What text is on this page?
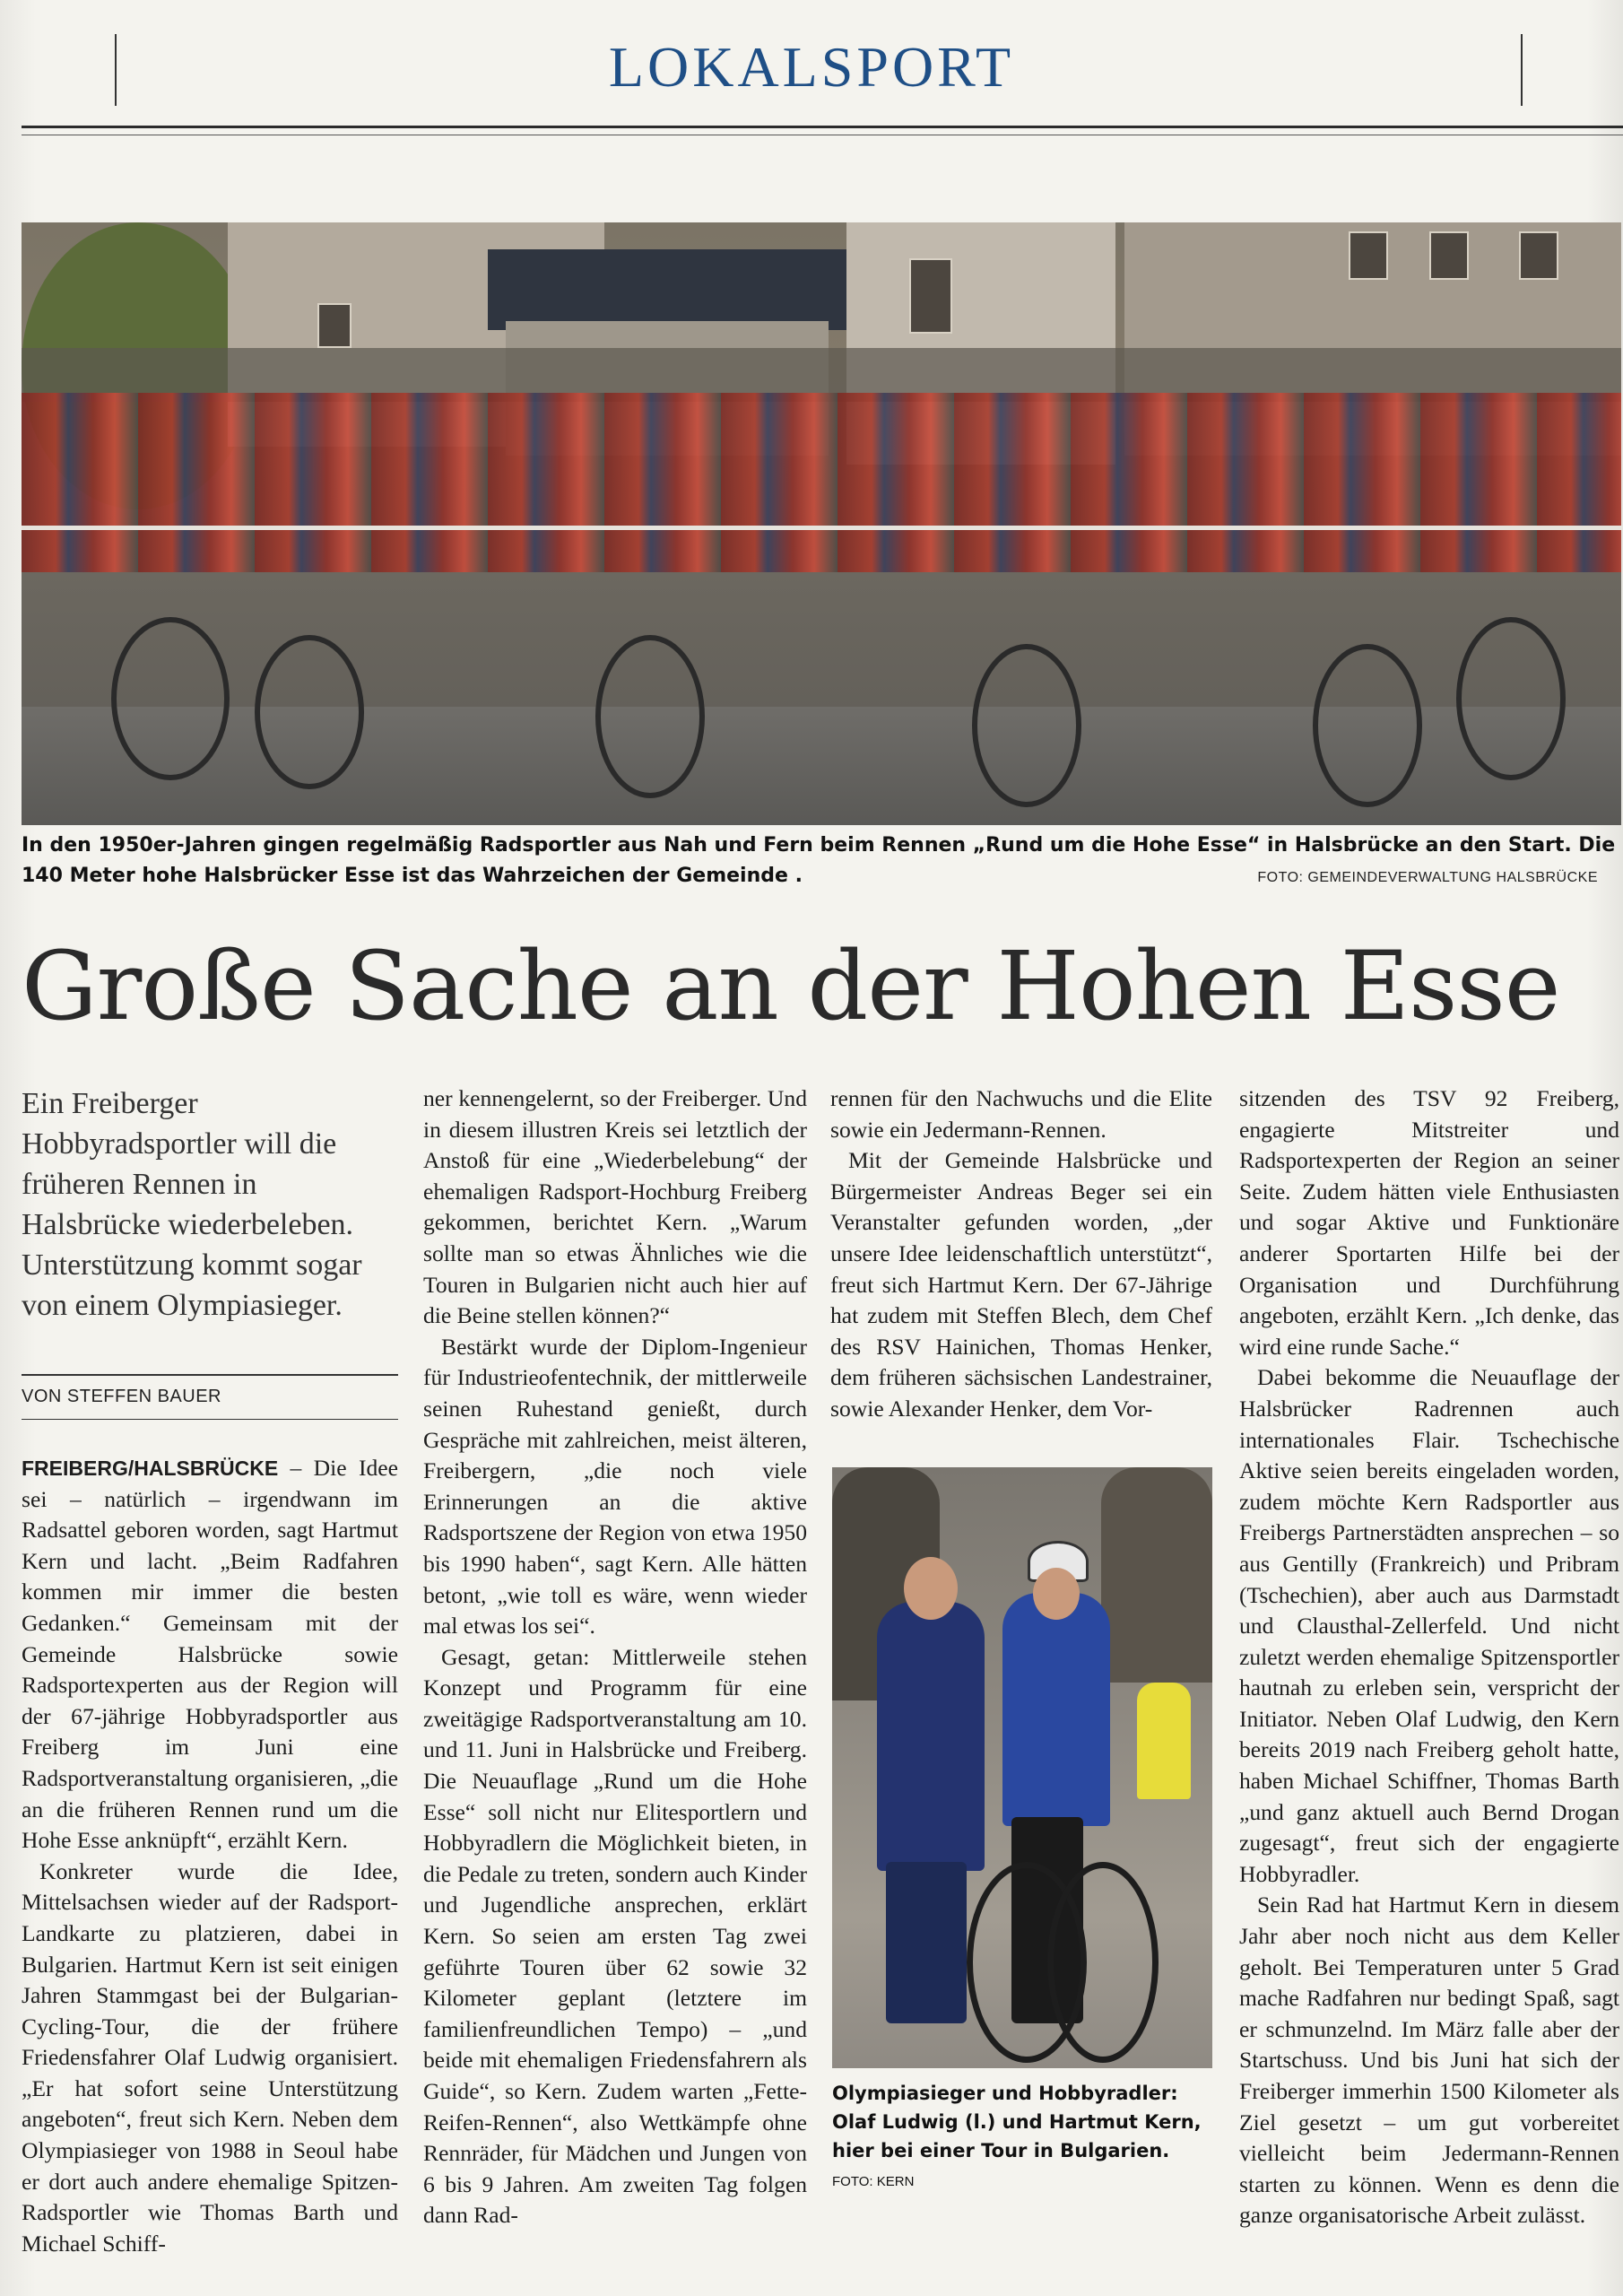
LOKALSPORT
In den 1950er-Jahren gingen regelmäßig Radsportler aus Nah und Fern beim Rennen „Rund um die Hohe Esse“ in Halsbrücke an den Start. Die 140 Meter hohe Halsbrücker Esse ist das Wahrzeichen der Gemeinde .	FOTO: GEMEINDEVERWALTUNG HALSBRÜCKE
Große Sache an der Hohen Esse
Ein Freiberger Hobbyradsportler will die früheren Rennen in Halsbrücke wiederbeleben. Unterstützung kommt sogar von einem Olympiasieger.
VON STEFFEN BAUER

FREIBERG/HALSBRÜCKE – Die Idee sei – natürlich – irgendwann im Radsattel geboren worden, sagt Hartmut Kern und lacht. „Beim Radfahren kommen mir immer die besten Gedanken.“ Gemeinsam mit der Gemeinde Halsbrücke sowie Radsportexperten aus der Region will der 67-jährige Hobbyradsportler aus Freiberg im Juni eine Radsportveranstaltung organisieren, „die an die früheren Rennen rund um die Hohe Esse anknüpft“, erzählt Kern.

Konkreter wurde die Idee, Mittelsachsen wieder auf der Radsport-Landkarte zu platzieren, dabei in Bulgarien. Hartmut Kern ist seit einigen Jahren Stammgast bei der Bulgarian-Cycling-Tour, die der frühere Friedensfahrer Olaf Ludwig organisiert. „Er hat sofort seine Unterstützung angeboten“, freut sich Kern. Neben dem Olympiasieger von 1988 in Seoul habe er dort auch andere ehemalige Spitzen-Radsportler wie Thomas Barth und Michael Schiff-

ner kennengelernt, so der Freiberger. Und in diesem illustren Kreis sei letztlich der Anstoß für eine „Wiederbelebung“ der ehemaligen Radsport-Hochburg Freiberg gekommen, berichtet Kern. „Warum sollte man so etwas Ähnliches wie die Touren in Bulgarien nicht auch hier auf die Beine stellen können?“

Bestärkt wurde der Diplom-Ingenieur für Industrieofentechnik, der mittlerweile seinen Ruhestand genießt, durch Gespräche mit zahlreichen, meist älteren, Freibergern, „die noch viele Erinnerungen an die aktive Radsportszene der Region von etwa 1950 bis 1990 haben“, sagt Kern. Alle hätten betont, „wie toll es wäre, wenn wieder mal etwas los sei“.

Gesagt, getan: Mittlerweile stehen Konzept und Programm für eine zweitägige Radsportveranstaltung am 10. und 11. Juni in Halsbrücke und Freiberg. Die Neuauflage „Rund um die Hohe Esse“ soll nicht nur Elitesportlern und Hobbyradlern die Möglichkeit bieten, in die Pedale zu treten, sondern auch Kinder und Jugendliche ansprechen, erklärt Kern. So seien am ersten Tag zwei geführte Touren über 62 sowie 32 Kilometer geplant (letztere im familienfreundlichen Tempo) – „und beide mit ehemaligen Friedensfahrern als Guide“, so Kern. Zudem warten „Fette-Reifen-Rennen“, also Wettkämpfe ohne Rennräder, für Mädchen und Jungen von 6 bis 9 Jahren. Am zweiten Tag folgen dann Rad-

rennen für den Nachwuchs und die Elite sowie ein Jedermann-Rennen.

Mit der Gemeinde Halsbrücke und Bürgermeister Andreas Beger sei ein Veranstalter gefunden worden, „der unsere Idee leidenschaftlich unterstützt“, freut sich Hartmut Kern. Der 67-Jährige hat zudem mit Steffen Blech, dem Chef des RSV Hainichen, Thomas Henker, dem früheren sächsischen Landestrainer, sowie Alexander Henker, dem Vor-

sitzenden des TSV 92 Freiberg, engagierte Mitstreiter und Radsportexperten der Region an seiner Seite. Zudem hätten viele Enthusiasten und sogar Aktive und Funktionäre anderer Sportarten Hilfe bei der Organisation und Durchführung angeboten, erzählt Kern. „Ich denke, das wird eine runde Sache.“

Dabei bekomme die Neuauflage der Halsbrücker Radrennen auch internationales Flair. Tschechische Aktive seien bereits eingeladen worden, zudem möchte Kern Radsportler aus Freibergs Partnerstädten ansprechen – so aus Gentilly (Frankreich) und Pribram (Tschechien), aber auch aus Darmstadt und Clausthal-Zellerfeld. Und nicht zuletzt werden ehemalige Spitzensportler hautnah zu erleben sein, verspricht der Initiator. Neben Olaf Ludwig, den Kern bereits 2019 nach Freiberg geholt hatte, haben Michael Schiffner, Thomas Barth „und ganz aktuell auch Bernd Drogan zugesagt“, freut sich der engagierte Hobbyradler.

Sein Rad hat Hartmut Kern in diesem Jahr aber noch nicht aus dem Keller geholt. Bei Temperaturen unter 5 Grad mache Radfahren nur bedingt Spaß, sagt er schmunzelnd. Im März falle aber der Startschuss. Und bis Juni hat sich der Freiberger immerhin 1500 Kilometer als Ziel gesetzt – um gut vorbereitet vielleicht beim Jedermann-Rennen starten zu können. Wenn es denn die ganze organisatorische Arbeit zulässt.

Olympiasieger und Hobbyradler: Olaf Ludwig (l.) und Hartmut Kern, hier bei einer Tour in Bulgarien. FOTO: KERN
